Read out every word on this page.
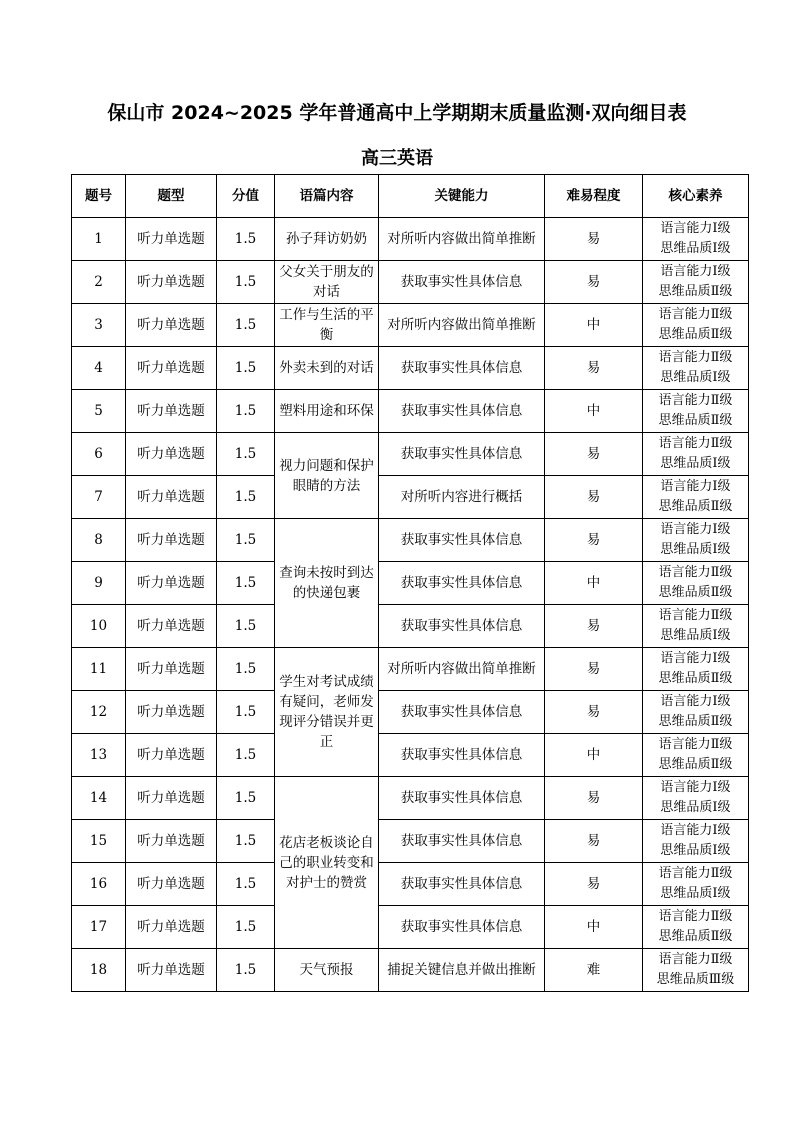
保山市 2024~2025 学年普通高中上学期期末质量监测·双向细目表
高三英语
题号	题型	分值	语篇内容	关键能力	难易程度	核心素养
1	听力单选题	1.5	孙子拜访奶奶	对所听内容做出简单推断	易	语言能力Ⅰ级
思维品质Ⅰ级

2	听力单选题	1.5	父女关于朋友的对话	获取事实性具体信息	易	语言能力Ⅰ级
思维品质Ⅱ级

3	听力单选题	1.5	工作与生活的平衡	对所听内容做出简单推断	中	语言能力Ⅱ级
思维品质Ⅱ级

4	听力单选题	1.5	外卖未到的对话	获取事实性具体信息	易	语言能力Ⅱ级
思维品质Ⅰ级

5	听力单选题	1.5	塑料用途和环保	获取事实性具体信息	中	语言能力Ⅱ级
思维品质Ⅱ级

6	听力单选题	1.5	视力问题和保护眼睛的方法	获取事实性具体信息	易	语言能力Ⅱ级
思维品质Ⅰ级

7	听力单选题	1.5		对所听内容进行概括	易	语言能力Ⅰ级
思维品质Ⅱ级

8	听力单选题	1.5	查询未按时到达的快递包裹	获取事实性具体信息	易	语言能力Ⅰ级
思维品质Ⅰ级

9	听力单选题	1.5		获取事实性具体信息	中	语言能力Ⅱ级
思维品质Ⅱ级

10	听力单选题	1.5		获取事实性具体信息	易	语言能力Ⅱ级
思维品质Ⅰ级

11	听力单选题	1.5	学生对考试成绩有疑问，老师发现评分错误并更正	对所听内容做出简单推断	易	语言能力Ⅰ级
思维品质Ⅱ级

12	听力单选题	1.5		获取事实性具体信息	易	语言能力Ⅰ级
思维品质Ⅱ级

13	听力单选题	1.5		获取事实性具体信息	中	语言能力Ⅱ级
思维品质Ⅱ级

14	听力单选题	1.5	花店老板谈论自己的职业转变和对护士的赞赏	获取事实性具体信息	易	语言能力Ⅰ级
思维品质Ⅰ级

15	听力单选题	1.5		获取事实性具体信息	易	语言能力Ⅰ级
思维品质Ⅰ级

16	听力单选题	1.5		获取事实性具体信息	易	语言能力Ⅱ级
思维品质Ⅰ级

17	听力单选题	1.5		获取事实性具体信息	中	语言能力Ⅱ级
思维品质Ⅱ级

18	听力单选题	1.5	天气预报	捕捉关键信息并做出推断	难	语言能力Ⅱ级
思维品质Ⅲ级
